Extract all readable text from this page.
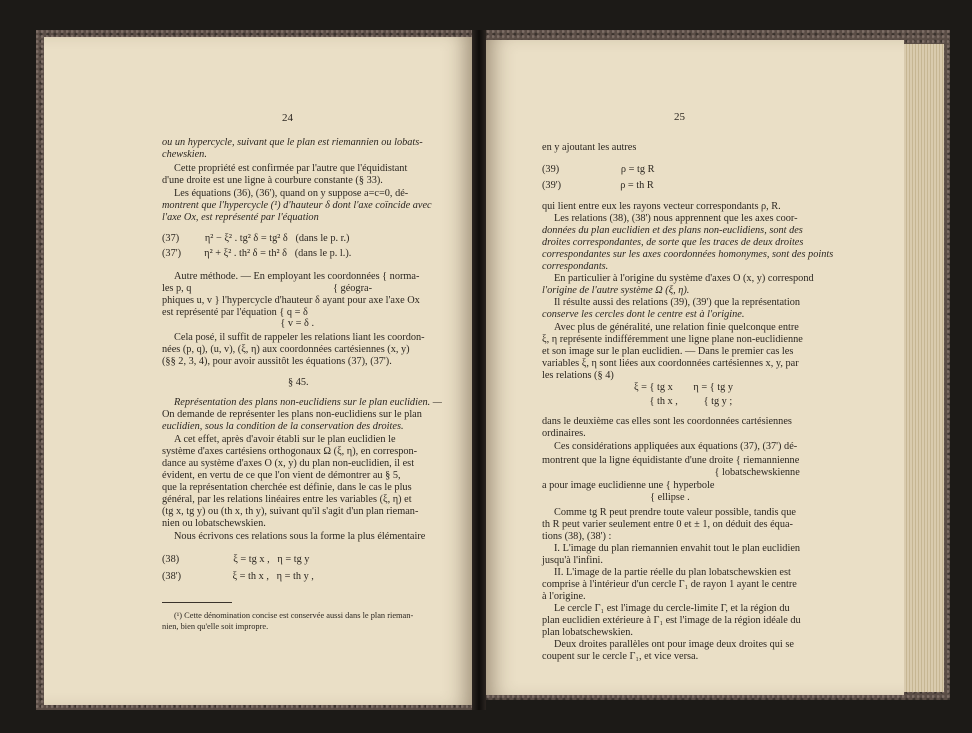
24
ou un hypercycle, suivant que le plan est riemannien ou lobats-
chewskien.
Cette propriété est confirmée par l'autre que l'équidistant
d'une droite est une ligne à courbure constante (§ 33).
Les équations (36), (36'), quand on y suppose a=c=0, dé-
montrent que l'hypercycle (¹) d'hauteur δ dont l'axe coïncide avec
l'axe Ox, est représenté par l'équation
(37)          η² − ξ² . tg² δ = tg² δ   (dans le p. r.)
(37')         η² + ξ² . th² δ = th² δ   (dans le p. l.).
Autre méthode. — En employant les coordonnées { norma-
les p, q                                                       { géogra-
phiques u, v } l'hypercycle d'hauteur δ ayant pour axe l'axe Ox
est représenté par l'équation { q = δ
{ v = δ .
Cela posé, il suffit de rappeler les relations liant les coordon-
nées (p, q), (u, v), (ξ, η) aux coordonnées cartésiennes (x, y)
(§§ 2, 3, 4), pour avoir aussitôt les équations (37), (37').
§ 45.
Représentation des plans non-euclidiens sur le plan euclidien. —
On demande de représenter les plans non-euclidiens sur le plan
euclidien, sous la condition de la conservation des droites.
A cet effet, après d'avoir établi sur le plan euclidien le
système d'axes cartésiens orthogonaux Ω (ξ, η), en correspon-
dance au système d'axes O (x, y) du plan non-euclidien, il est
évident, en vertu de ce que l'on vient de démontrer au § 5,
que la représentation cherchée est définie, dans le cas le plus
général, par les relations linéaires entre les variables (ξ, η) et
(tg x, tg y) ou (th x, th y), suivant qu'il s'agit d'un plan rieman-
nien ou lobatschewskien.
Nous écrivons ces relations sous la forme la plus élémentaire
(38)                     ξ = tg x ,   η = tg y
(38')                    ξ = th x ,   η = th y ,
(¹) Cette dénomination concise est conservée aussi dans le plan rieman-
nien, bien qu'elle soit impropre.
25
en y ajoutant les autres
(39)                        ρ = tg R
(39')                       ρ = th R
qui lient entre eux les rayons vecteur correspondants ρ, R.
Les relations (38), (38') nous apprennent que les axes coor-
données du plan euclidien et des plans non-euclidiens, sont des
droites correspondantes, de sorte que les traces de deux droites
correspondantes sur les axes coordonnées homonymes, sont des points
correspondants.
En particulier à l'origine du système d'axes O (x, y) correspond
l'origine de l'autre système Ω (ξ, η).
Il résulte aussi des relations (39), (39') que la représentation
conserve les cercles dont le centre est à l'origine.
Avec plus de généralité, une relation finie quelconque entre
ξ, η représente indifféremment une ligne plane non-euclidienne
et son image sur le plan euclidien. — Dans le premier cas les
variables ξ, η sont liées aux coordonnées cartésiennes x, y, par
les relations (§ 4)
ξ = { tg x        η = { tg y
{ th x ,          { tg y ;
dans le deuxième cas elles sont les coordonnées cartésiennes
ordinaires.
Ces considérations appliquées aux équations (37), (37') dé-
montrent que la ligne équidistante d'une droite { riemannienne
{ lobatschewskienne
a pour image euclidienne une { hyperbole
{ ellipse .
Comme tg R peut prendre toute valeur possible, tandis que
th R peut varier seulement entre 0 et ± 1, on déduit des équa-
tions (38), (38') :
I. L'image du plan riemannien envahit tout le plan euclidien
jusqu'à l'infini.
II. L'image de la partie réelle du plan lobatschewskien est
comprise à l'intérieur d'un cercle Γ₁ de rayon 1 ayant le centre
à l'origine.
Le cercle Γ₁ est l'image du cercle-limite Γ, et la région du
plan euclidien extérieure à Γ₁ est l'image de la région idéale du
plan lobatschewskien.
Deux droites parallèles ont pour image deux droites qui se
coupent sur le cercle Γ₁, et vice versa.
